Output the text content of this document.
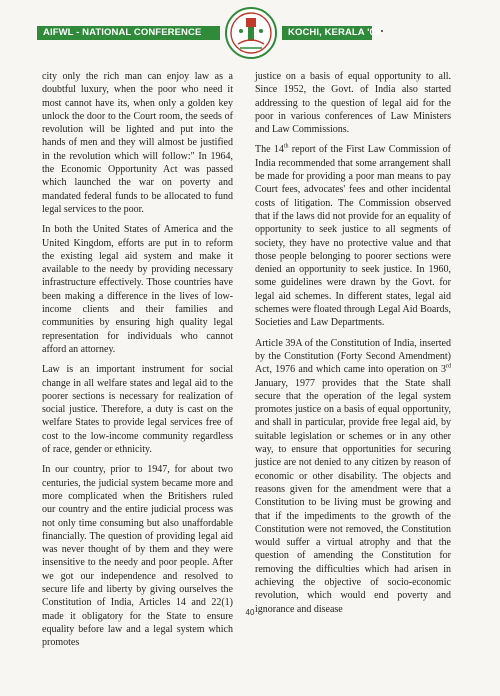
AIFWL - NATIONAL CONFERENCE	KOCHI, KERALA '09

city only the rich man can enjoy law as a doubtful luxury, when the poor who need it most cannot have its, when only a golden key unlock the door to the Court room, the seeds of revolution will be lighted and put into the hands of men and they will almost be justified in the revolution which will follow:" In 1964, the Economic Opportunity Act was passed which launched the war on poverty and mandated federal funds to be allocated to fund legal services to the poor.

In both the United States of America and the United Kingdom, efforts are put in to reform the existing legal aid system and make it available to the needy by providing necessary infrastructure effectively. Those countries have been making a difference in the lives of low-income clients and their families and communities by ensuring high quality legal representation for individuals who cannot afford an attorney.

Law is an important instrument for social change in all welfare states and legal aid to the poorer sections is necessary for realization of social justice. Therefore, a duty is cast on the welfare States to provide legal services free of cost to the low-income community regardless of race, gender or ethnicity.

In our country, prior to 1947, for about two centuries, the judicial system became more and more complicated when the Britishers ruled our country and the entire judicial process was not only time consuming but also unaffordable financially. The question of providing legal aid was never thought of by them and they were insensitive to the needy and poor people. After we got our independence and resolved to secure life and liberty by giving ourselves the Constitution of India, Articles 14 and 22(1) made it obligatory for the State to ensure equality before law and a legal system which promotes

justice on a basis of equal opportunity to all. Since 1952, the Govt. of India also started addressing to the question of legal aid for the poor in various conferences of Law Ministers and Law Commissions.

The 14th report of the First Law Commission of India recommended that some arrangement shall be made for providing a poor man means to pay Court fees, advocates' fees and other incidental costs of litigation. The Commission observed that if the laws did not provide for an equality of opportunity to seek justice to all segments of society, they have no protective value and that those people belonging to poorer sections were denied an opportunity to seek justice. In 1960, some guidelines were drawn by the Govt. for legal aid schemes. In different states, legal aid schemes were floated through Legal Aid Boards, Societies and Law Departments.

Article 39A of the Constitution of India, inserted by the Constitution (Forty Second Amendment) Act, 1976 and which came into operation on 3rd January, 1977 provides that the State shall secure that the operation of the legal system promotes justice on a basis of equal opportunity, and shall in particular, provide free legal aid, by suitable legislation or schemes or in any other way, to ensure that opportunities for securing justice are not denied to any citizen by reason of economic or other disability. The objects and reasons given for the amendment were that a Constitution to be living must be growing and that if the impediments to the growth of the Constitution were not removed, the Constitution would suffer a virtual atrophy and that the question of amending the Constitution for removing the difficulties which had arisen in achieving the objective of socio-economic revolution, which would end poverty and ignorance and disease

40
